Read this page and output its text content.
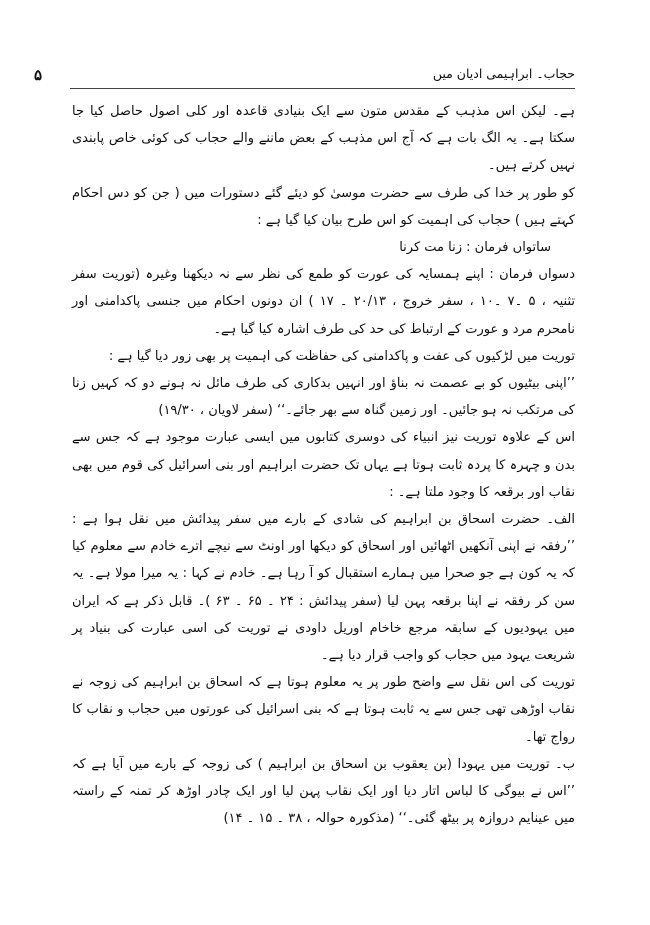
۵	حجاب۔ ابراہیمی ادیان میں

ہے۔ لیکن اس مذہب کے مقدس متون سے ایک بنیادی قاعدہ اور کلی اصول حاصل کیا جا سکتا ہے۔ یہ الگ بات ہے کہ آج اس مذہب کے بعض ماننے والے حجاب کی کوئی خاص پابندی نہیں کرتے ہیں۔

کو طور پر خدا کی طرف سے حضرت موسیٰ کو دیئے گئے دستورات میں ( جن کو دس احکام کہتے ہیں ) حجاب کی اہمیت کو اس طرح بیان کیا گیا ہے :

ساتواں فرمان : زنا مت کرنا

دسواں فرمان : اپنے ہمسایہ کی عورت کو طمع کی نظر سے نہ دیکھنا وغیرہ (توریت سفر تثنیہ ، ۵ ۔۷ ۔۱۰ ، سفر خروج ، ۲۰/۱۳ ۔ ۱۷ ) ان دونوں احکام میں جنسی پاکدامنی اور نامحرم مرد و عورت کے ارتباط کی حد کی طرف اشارہ کیا گیا ہے۔

توریت میں لڑکیوں کی عفت و پاکدامنی کی حفاظت کی اہمیت پر بھی زور دیا گیا ہے :

’’اپنی بیٹیوں کو بے عصمت نہ بناؤ اور انہیں بدکاری کی طرف مائل نہ ہونے دو کہ کہیں زنا کی مرتکب نہ ہو جائیں۔ اور زمین گناہ سے بھر جائے۔‘‘ (سفر لاویان ، ۱۹/۳۰)

اس کے علاوہ توریت نیز انبیاء کی دوسری کتابوں میں ایسی عبارت موجود ہے کہ جس سے بدن و چہرہ کا پردہ ثابت ہوتا ہے یہاں تک حضرت ابراہیم اور بنی اسرائیل کی قوم میں بھی نقاب اور برقعہ کا وجود ملتا ہے۔ :

الف۔ حضرت اسحاق بن ابراہیم کی شادی کے بارے میں سفر پیدائش میں نقل ہوا ہے : ’’رفقہ نے اپنی آنکھیں اٹھائیں اور اسحاق کو دیکھا اور اونٹ سے نیچے اترے خادم سے معلوم کیا کہ یہ کون ہے جو صحرا میں ہمارے استقبال کو آ رہا ہے۔ خادم نے کہا : یہ میرا مولا ہے۔ یہ سن کر رفقہ نے اپنا برقعہ پہن لیا (سفر پیدائش : ۲۴ ۔ ۶۵ ۔ ۶۳ )۔ قابل ذکر ہے کہ ایران میں یہودیوں کے سابقہ مرجع خاخام اوریل داودی نے توریت کی اسی عبارت کی بنیاد پر شریعت یہود میں حجاب کو واجب قرار دیا ہے۔

توریت کی اس نقل سے واضح طور پر یہ معلوم ہوتا ہے کہ اسحاق بن ابراہیم کی زوجہ نے نقاب اوڑھی تھی جس سے یہ ثابت ہوتا ہے کہ بنی اسرائیل کی عورتوں میں حجاب و نقاب کا رواج تھا۔

ب۔ توریت میں یہودا (بن یعقوب بن اسحاق بن ابراہیم ) کی زوجہ کے بارے میں آیا ہے کہ ’’اس نے بیوگی کا لباس اتار دیا اور ایک نقاب پہن لیا اور ایک چادر اوڑھ کر تمنہ کے راستہ میں عینایم دروازہ پر بیٹھ گئی۔‘‘ (مذکورہ حوالہ ، ۳۸ ۔ ۱۵ ۔ ۱۴)
